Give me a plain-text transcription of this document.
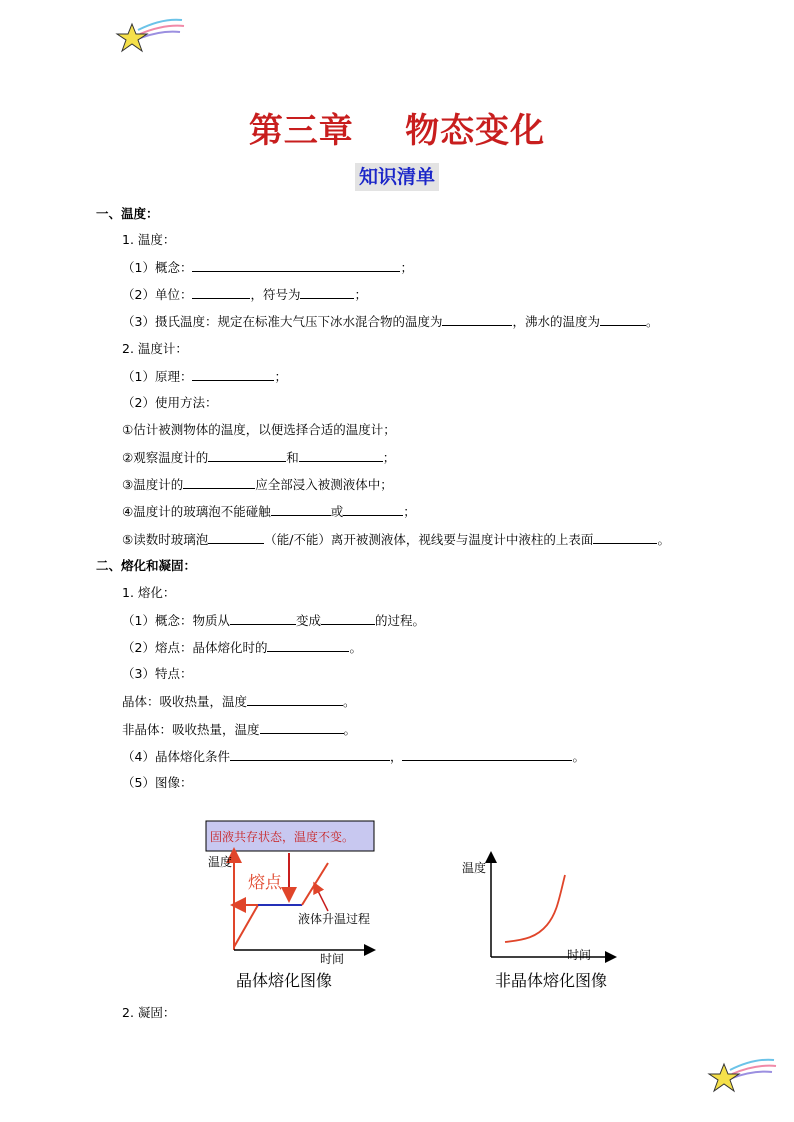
第三章    物态变化
知识清单
一、温度：
1. 温度：
（1）概念：	；
（2）单位：	，符号为	；
（3）摄氏温度：规定在标准大气压下冰水混合物的温度为	，沸水的温度为	。
2. 温度计：
（1）原理：	；
（2）使用方法：
①估计被测物体的温度，以便选择合适的温度计；
②观察温度计的	和	；
③温度计的	应全部浸入被测液体中；
④温度计的玻璃泡不能碰触	或	；
⑤读数时玻璃泡	（能/不能）离开被测液体，视线要与温度计中液柱的上表面	。
二、熔化和凝固：
1. 熔化：
（1）概念：物质从	变成	的过程。
（2）熔点：晶体熔化时的	。
（3）特点：
晶体：吸收热量，温度	。
非晶体：吸收热量，温度	。
（4）晶体熔化条件	，	。
（5）图像：
固液共存状态，温度不变。
温度
时间
熔点
液体升温过程
晶体熔化图像
温度
时间
非晶体熔化图像
2. 凝固：
